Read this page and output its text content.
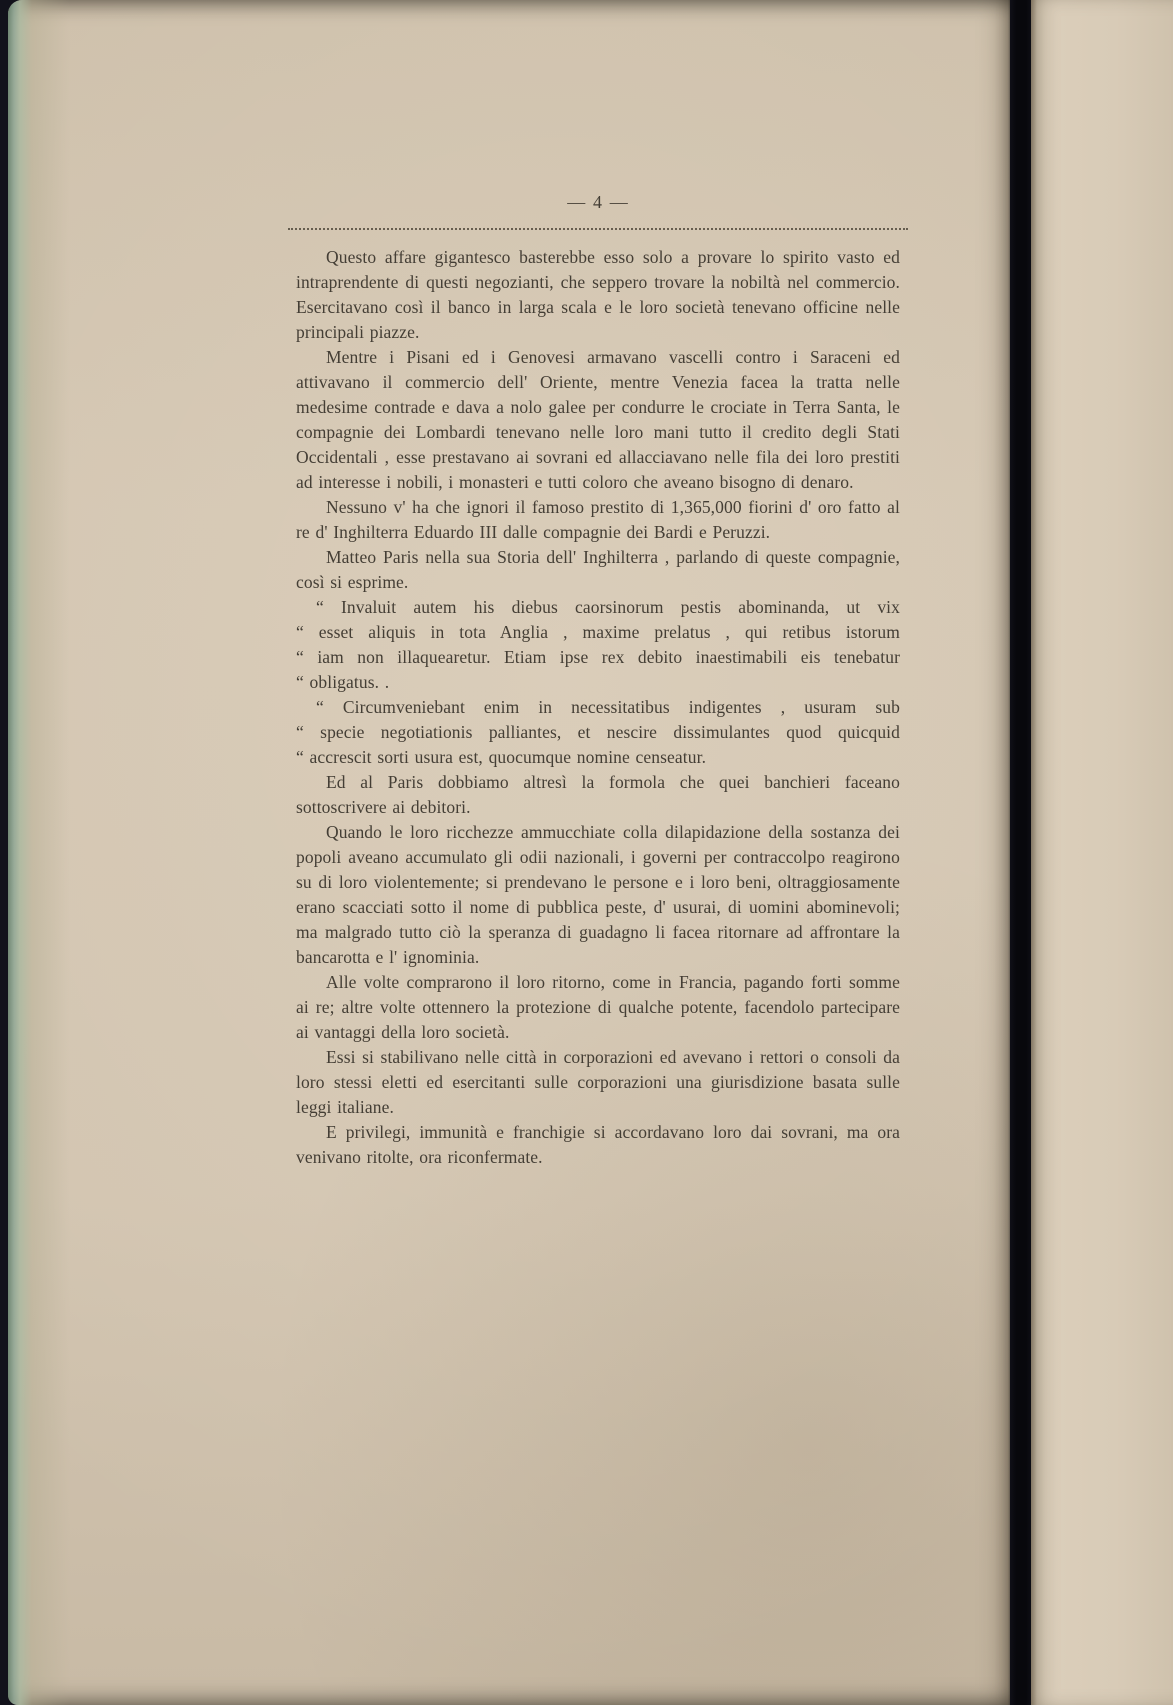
— 4 —

Questo affare gigantesco basterebbe esso solo a provare lo spirito vasto ed intraprendente di questi negozianti, che seppero trovare la nobiltà nel commercio. Esercitavano così il banco in larga scala e le loro società tenevano officine nelle principali piazze.

Mentre i Pisani ed i Genovesi armavano vascelli contro i Saraceni ed attivavano il commercio dell' Oriente, mentre Venezia facea la tratta nelle medesime contrade e dava a nolo galee per condurre le crociate in Terra Santa, le compagnie dei Lombardi tenevano nelle loro mani tutto il credito degli Stati Occidentali , esse prestavano ai sovrani ed allacciavano nelle fila dei loro prestiti ad interesse i nobili, i monasteri e tutti coloro che aveano bisogno di denaro.

Nessuno v' ha che ignori il famoso prestito di 1,365,000 fiorini d' oro fatto al re d' Inghilterra Eduardo III dalle compagnie dei Bardi e Peruzzi.

Matteo Paris nella sua Storia dell' Inghilterra , parlando di queste compagnie, così si esprime.

“ Invaluit autem his diebus caorsinorum pestis abominanda, ut vix
“ esset aliquis in tota Anglia , maxime prelatus , qui retibus istorum
“ iam non illaquearetur. Etiam ipse rex debito inaestimabili eis tenebatur
“ obligatus. .
“ Circumveniebant enim in necessitatibus indigentes , usuram sub
“ specie negotiationis palliantes, et nescire dissimulantes quod quicquid
“ accrescit sorti usura est, quocumque nomine censeatur.

Ed al Paris dobbiamo altresì la formola che quei banchieri faceano sottoscrivere ai debitori.

Quando le loro ricchezze ammucchiate colla dilapidazione della sostanza dei popoli aveano accumulato gli odii nazionali, i governi per contraccolpo reagirono su di loro violentemente; si prendevano le persone e i loro beni, oltraggiosamente erano scacciati sotto il nome di pubblica peste, d' usurai, di uomini abominevoli; ma malgrado tutto ciò la speranza di guadagno li facea ritornare ad affrontare la bancarotta e l' ignominia.

Alle volte comprarono il loro ritorno, come in Francia, pagando forti somme ai re; altre volte ottennero la protezione di qualche potente, facendolo partecipare ai vantaggi della loro società.

Essi si stabilivano nelle città in corporazioni ed avevano i rettori o consoli da loro stessi eletti ed esercitanti sulle corporazioni una giurisdizione basata sulle leggi italiane.

E privilegi, immunità e franchigie si accordavano loro dai sovrani, ma ora venivano ritolte, ora riconfermate.
